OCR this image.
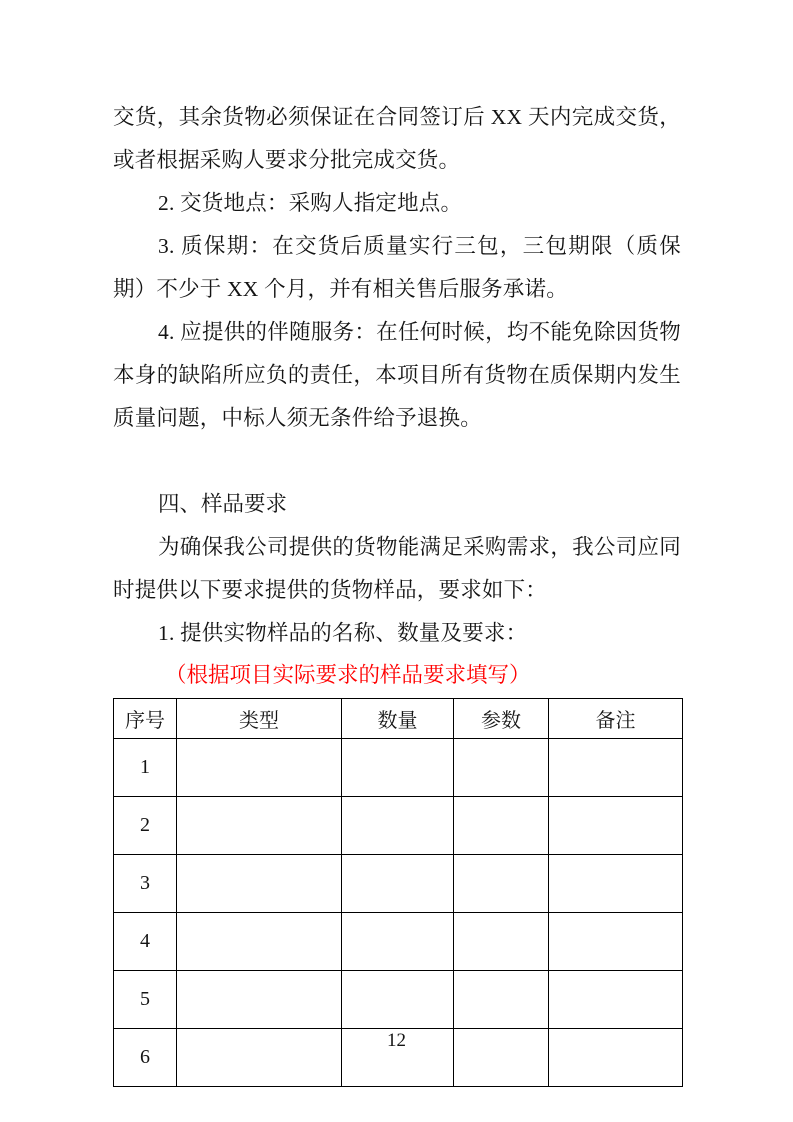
交货，其余货物必须保证在合同签订后 XX 天内完成交货，或者根据采购人要求分批完成交货。

2. 交货地点：采购人指定地点。

3. 质保期：在交货后质量实行三包，三包期限（质保期）不少于 XX 个月，并有相关售后服务承诺。

4. 应提供的伴随服务：在任何时候，均不能免除因货物本身的缺陷所应负的责任，本项目所有货物在质保期内发生质量问题，中标人须无条件给予退换。

四、样品要求

为确保我公司提供的货物能满足采购需求，我公司应同时提供以下要求提供的货物样品，要求如下：

1. 提供实物样品的名称、数量及要求：

（根据项目实际要求的样品要求填写）

序号	类型	数量	参数	备注
1				
2				
3				
4				
5				
6				
12
